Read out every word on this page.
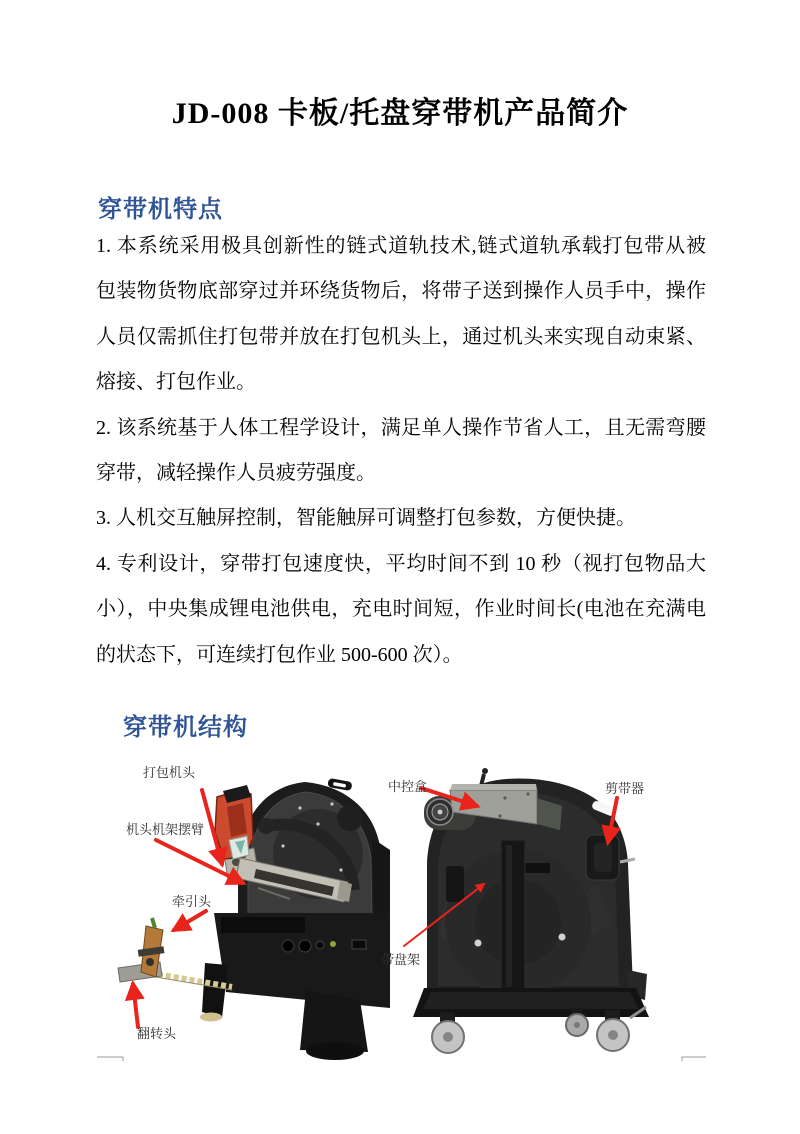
JD-008 卡板/托盘穿带机产品简介
穿带机特点
1. 本系统采用极具创新性的链式道轨技术,链式道轨承载打包带从被
包装物货物底部穿过并环绕货物后，将带子送到操作人员手中，操作
人员仅需抓住打包带并放在打包机头上，通过机头来实现自动束紧、
熔接、打包作业。
2. 该系统基于人体工程学设计，满足单人操作节省人工，且无需弯腰
穿带，减轻操作人员疲劳强度。
3. 人机交互触屏控制，智能触屏可调整打包参数，方便快捷。
4. 专利设计，穿带打包速度快，平均时间不到 10 秒（视打包物品大
小），中央集成锂电池供电，充电时间短，作业时间长(电池在充满电
的状态下，可连续打包作业 500-600 次）。
穿带机结构
打包机头
机头机架摆臂
牵引头
翻转头
中控盒	剪带器
带盘架
